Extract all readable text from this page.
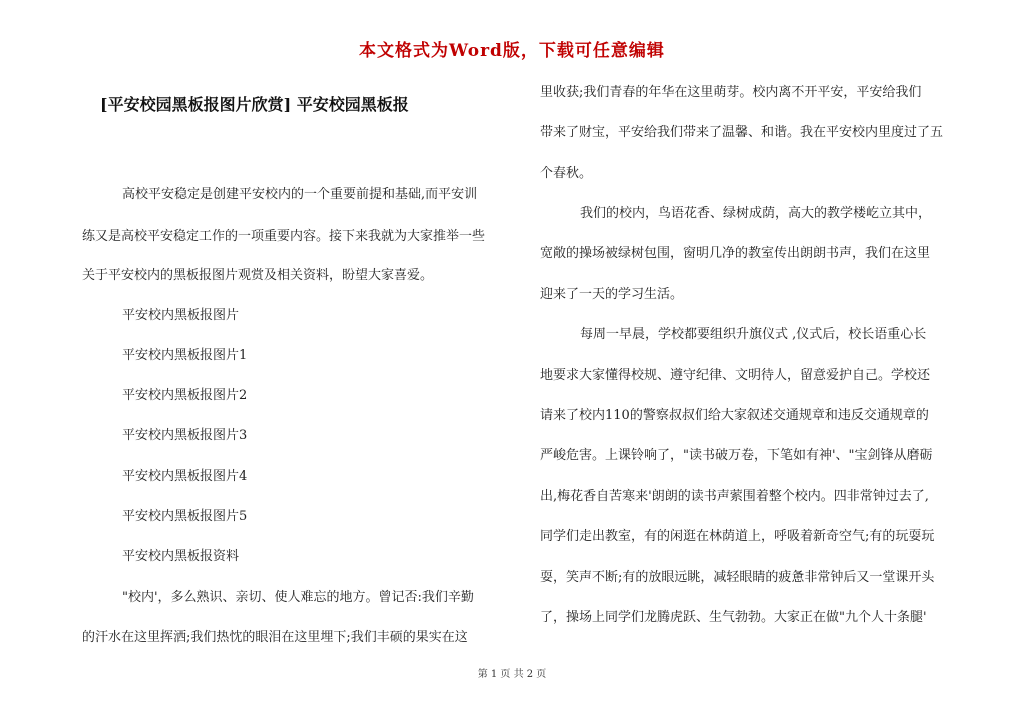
本文格式为Word版，下载可任意编辑
[平安校园黑板报图片欣赏] 平安校园黑板报
高校平安稳定是创建平安校内的一个重要前提和基础,而平安训
练又是高校平安稳定工作的一项重要内容。接下来我就为大家推举一些
关于平安校内的黑板报图片观赏及相关资料，盼望大家喜爱。
平安校内黑板报图片
平安校内黑板报图片1
平安校内黑板报图片2
平安校内黑板报图片3
平安校内黑板报图片4
平安校内黑板报图片5
平安校内黑板报资料
"校内'，多么熟识、亲切、使人难忘的地方。曾记否:我们辛勤
的汗水在这里挥洒;我们热忱的眼泪在这里埋下;我们丰硕的果实在这
里收获;我们青春的年华在这里萌芽。校内离不开平安，平安给我们
带来了财宝，平安给我们带来了温馨、和谐。我在平安校内里度过了五
个春秋。
我们的校内，鸟语花香、绿树成荫，高大的教学楼屹立其中，
宽敞的操场被绿树包围，窗明几净的教室传出朗朗书声，我们在这里
迎来了一天的学习生活。
每周一早晨，学校都要组织升旗仪式 ,仪式后，校长语重心长
地要求大家懂得校规、遵守纪律、文明待人，留意爱护自己。学校还
请来了校内110的警察叔叔们给大家叙述交通规章和违反交通规章的
严峻危害。上课铃响了，"读书破万卷，下笔如有神'、"宝剑锋从磨砺
出,梅花香自苦寒来'朗朗的读书声萦围着整个校内。四非常钟过去了,
同学们走出教室，有的闲逛在林荫道上，呼吸着新奇空气;有的玩耍玩
耍，笑声不断;有的放眼远眺，减轻眼睛的疲惫非常钟后又一堂课开头
了，操场上同学们龙腾虎跃、生气勃勃。大家正在做"九个人十条腿'
第 1 页 共 2 页
